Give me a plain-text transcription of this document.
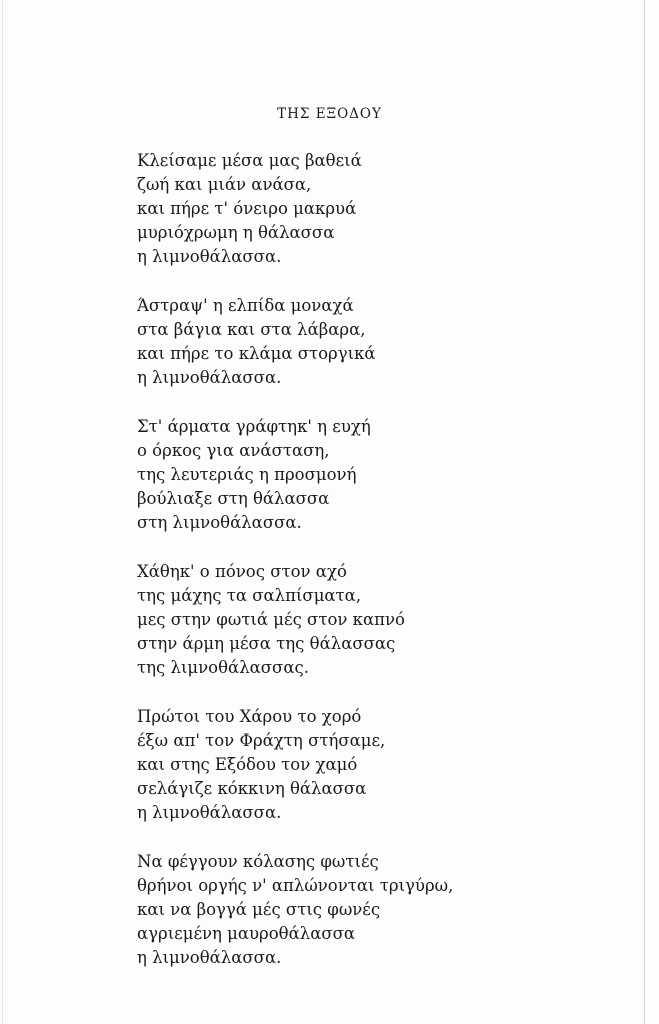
ΤΗΣ ΕΞΟΔΟΥ
Κλείσαμε μέσα μας βαθειά
ζωή και μιάν ανάσα,
και πήρε τ' όνειρο μακρυά
μυριόχρωμη η θάλασσα
η λιμνοθάλασσα.
Άστραψ' η ελπίδα μοναχά
στα βάγια και στα λάβαρα,
και πήρε το κλάμα στοργικά
η λιμνοθάλασσα.
Στ' άρματα γράφτηκ' η ευχή
ο όρκος για ανάσταση,
της λευτεριάς η προσμονή
βούλιαξε στη θάλασσα
στη λιμνοθάλασσα.
Χάθηκ' ο πόνος στον αχό
της μάχης τα σαλπίσματα,
μες στην φωτιά μές στον καπνό
στην άρμη μέσα της θάλασσας
της λιμνοθάλασσας.
Πρώτοι του Χάρου το χορό
έξω απ' τον Φράχτη στήσαμε,
και στης Εξόδου τον χαμό
σελάγιζε κόκκινη θάλασσα
η λιμνοθάλασσα.
Να φέγγουν κόλασης φωτιές
θρήνοι οργής ν' απλώνονται τριγύρω,
και να βογγά μές στις φωνές
αγριεμένη μαυροθάλασσα
η λιμνοθάλασσα.
